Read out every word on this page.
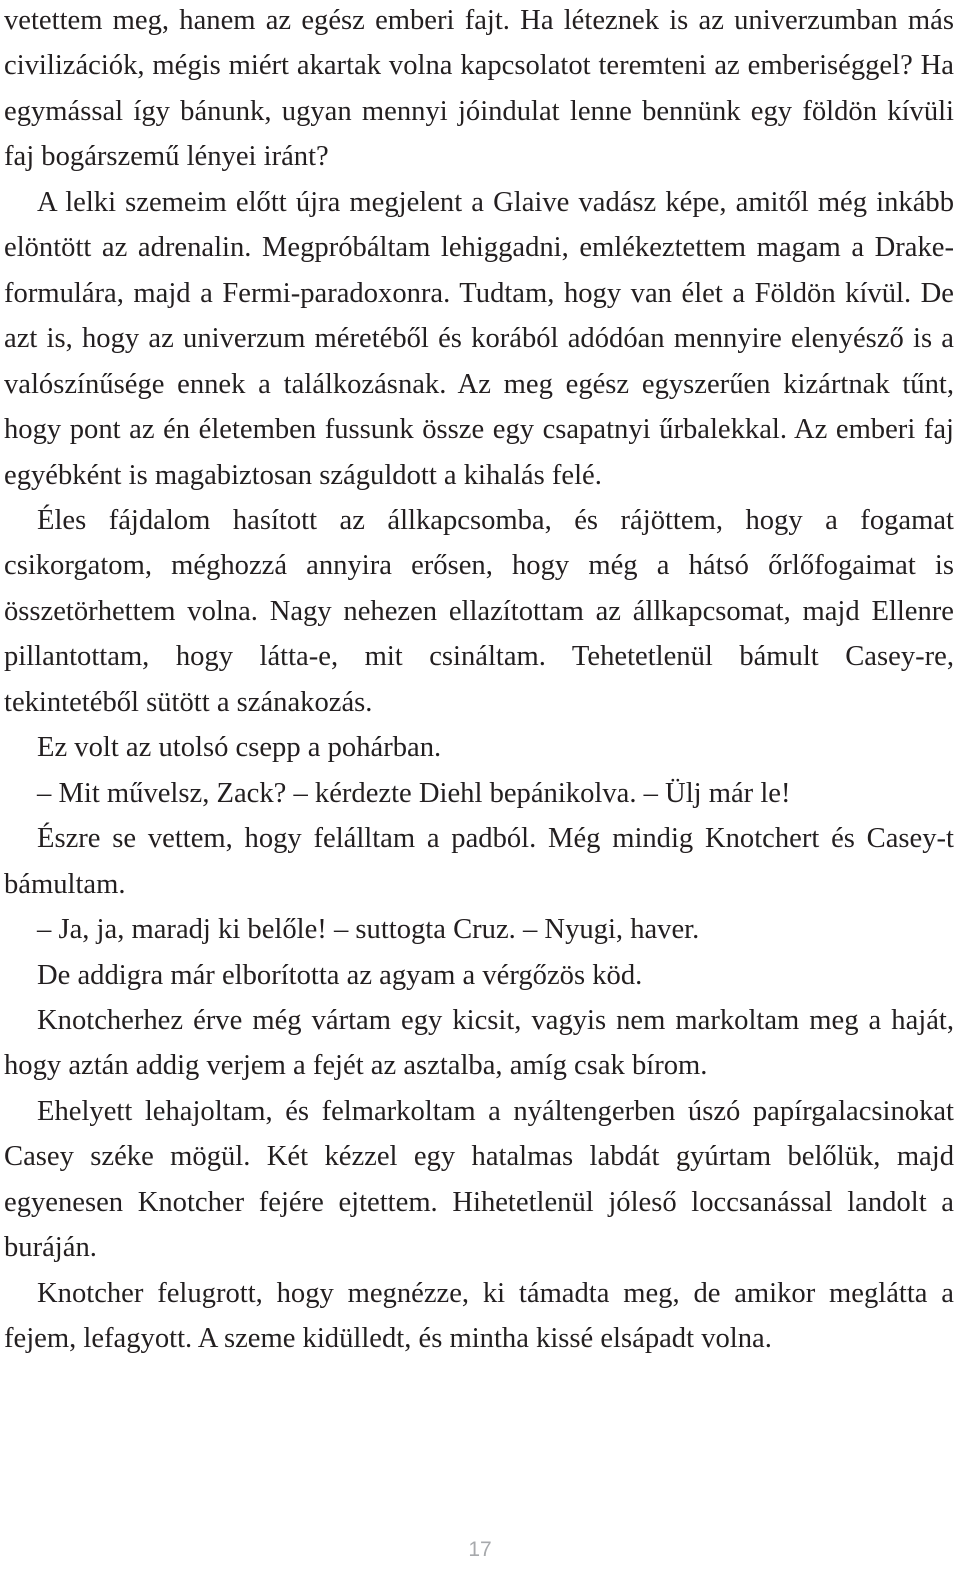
vetettem meg, hanem az egész emberi fajt. Ha léteznek is az univerzumban más civilizációk, mégis miért akartak volna kapcsolatot teremteni az emberiséggel? Ha egymással így bánunk, ugyan mennyi jóindulat lenne bennünk egy földön kívüli faj bogárszemű lényei iránt?

A lelki szemeim előtt újra megjelent a Glaive vadász képe, amitől még inkább elöntött az adrenalin. Megpróbáltam lehiggadni, emlékeztettem magam a Drake-formulára, majd a Fermi-paradoxonra. Tudtam, hogy van élet a Földön kívül. De azt is, hogy az univerzum méretéből és korából adódóan mennyire elenyésző is a valószínűsége ennek a találkozásnak. Az meg egész egyszerűen kizártnak tűnt, hogy pont az én életemben fussunk össze egy csapatnyi űrbalekkal. Az emberi faj egyébként is magabiztosan száguldott a kihalás felé.

Éles fájdalom hasított az állkapcsomba, és rájöttem, hogy a fogamat csikorgatom, méghozzá annyira erősen, hogy még a hátsó őrlőfogaimat is összetörhettem volna. Nagy nehezen ellazítottam az állkapcsomat, majd Ellenre pillantottam, hogy látta-e, mit csináltam. Tehetetlenül bámult Casey-re, tekintetéből sütött a szánakozás.

Ez volt az utolsó csepp a pohárban.

– Mit művelsz, Zack? – kérdezte Diehl bepánikolva. – Ülj már le!

Észre se vettem, hogy felálltam a padból. Még mindig Knotchert és Casey-t bámultam.

– Ja, ja, maradj ki belőle! – suttogta Cruz. – Nyugi, haver.

De addigra már elborította az agyam a vérgőzös köd.

Knotcherhez érve még vártam egy kicsit, vagyis nem markoltam meg a haját, hogy aztán addig verjem a fejét az asztalba, amíg csak bírom.

Ehelyett lehajoltam, és felmarkoltam a nyáltengerben úszó papírgalacsinokat Casey széke mögül. Két kézzel egy hatalmas labdát gyúrtam belőlük, majd egyenesen Knotcher fejére ejtettem. Hihetetlenül jóleső loccsanással landolt a buráján.

Knotcher felugrott, hogy megnézze, ki támadta meg, de amikor meglátta a fejem, lefagyott. A szeme kidülledt, és mintha kissé elsápadt volna.

17
